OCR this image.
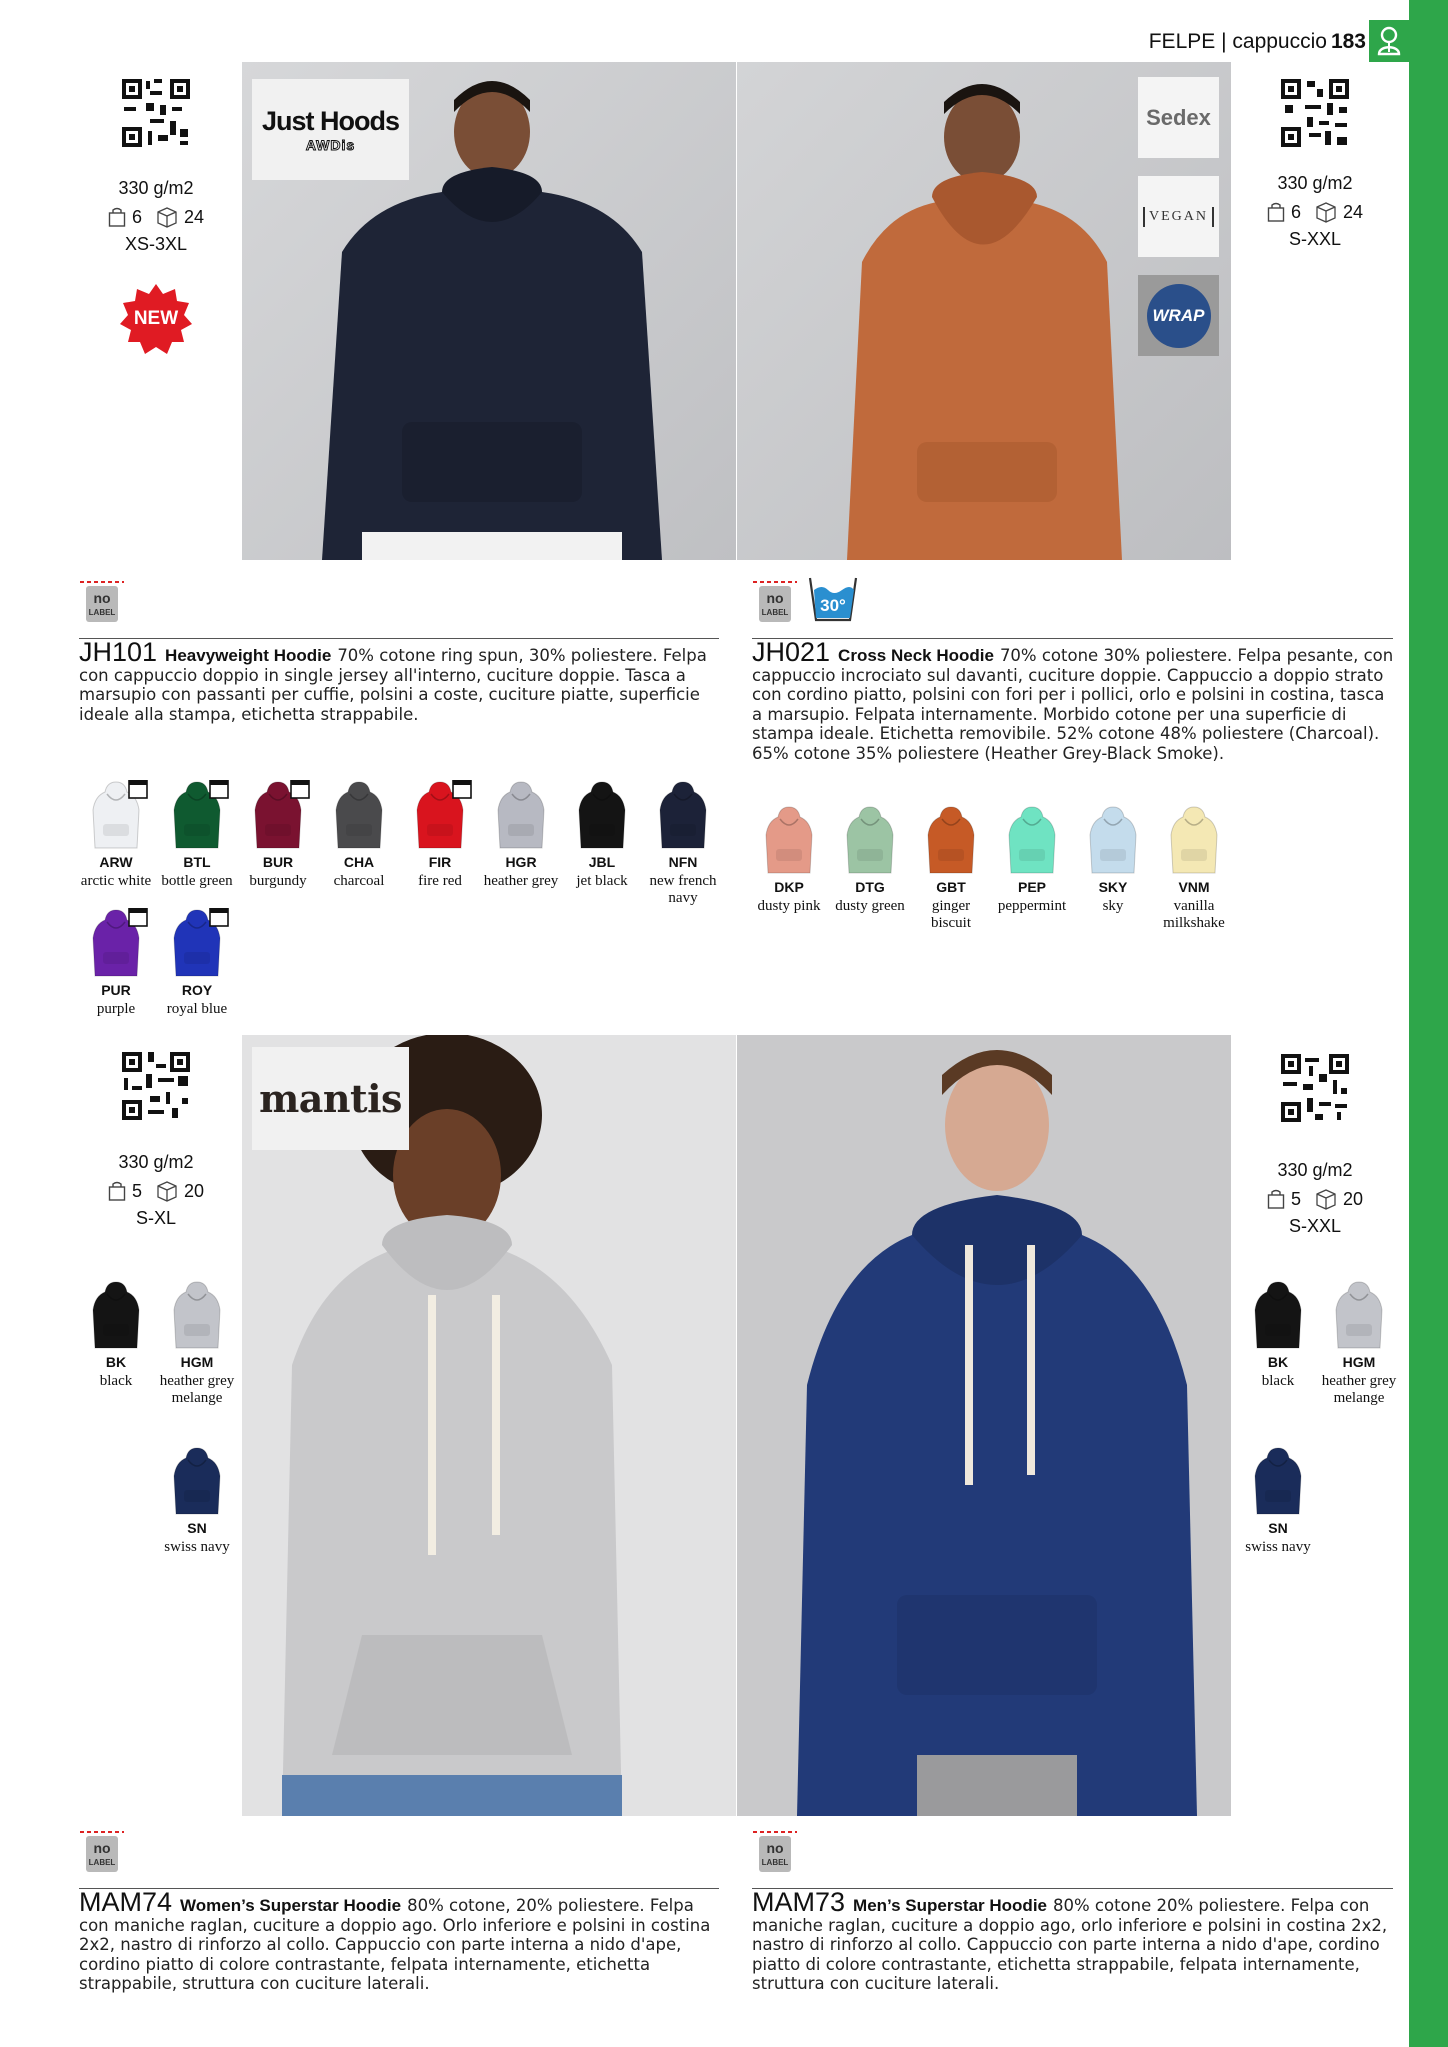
FELPE | cappuccio 183
Just Hoods
AWDis
Sedex
VEGAN
WRAP
330 g/m2
6 24
XS-3XL
NEW
330 g/m2
6 24
S-XXL
no
LABEL
no
LABEL	30°
JH101 Heavyweight Hoodie 70% cotone ring spun, 30% poliestere. Felpa con cappuccio doppio in single jersey all'interno, cuciture doppie. Tasca a marsupio con passanti per cuffie, polsini a coste, cuciture piatte, superficie ideale alla stampa, etichetta strappabile.
JH021 Cross Neck Hoodie 70% cotone 30% poliestere. Felpa pesante, con cappuccio incrociato sul davanti, cuciture doppie. Cappuccio a doppio strato con cordino piatto, polsini con fori per i pollici, orlo e polsini in costina, tasca a marsupio. Felpata internamente. Morbido cotone per una superficie di stampa ideale. Etichetta removibile. 52% cotone 48% poliestere (Charcoal). 65% cotone 35% poliestere (Heather Grey-Black Smoke).
ARW
arctic white
BTL
bottle green
BUR
burgundy
CHA
charcoal
FIR
fire red
HGR
heather grey
JBL
jet black
NFN
new french navy
PUR
purple
ROY
royal blue
DKP
dusty pink
DTG
dusty green
GBT
ginger biscuit
PEP
peppermint
SKY
sky
VNM
vanilla milkshake
BK
black
HGM
heather grey melange
SN
swiss navy
BK
black
HGM
heather grey melange
SN
swiss navy
mantis
330 g/m2
5 20
S-XL
330 g/m2
5 20
S-XXL
no
LABEL
no
LABEL
MAM74 Women’s Superstar Hoodie 80% cotone, 20% poliestere. Felpa con maniche raglan, cuciture a doppio ago. Orlo inferiore e polsini in costina 2x2, nastro di rinforzo al collo. Cappuccio con parte interna a nido d'ape, cordino piatto di colore contrastante, felpata internamente, etichetta strappabile, struttura con cuciture laterali.
MAM73 Men’s Superstar Hoodie 80% cotone 20% poliestere. Felpa con maniche raglan, cuciture a doppio ago, orlo inferiore e polsini in costina 2x2, nastro di rinforzo al collo. Cappuccio con parte interna a nido d'ape, cordino piatto di colore contrastante, etichetta strappabile, felpata internamente, struttura con cuciture laterali.
